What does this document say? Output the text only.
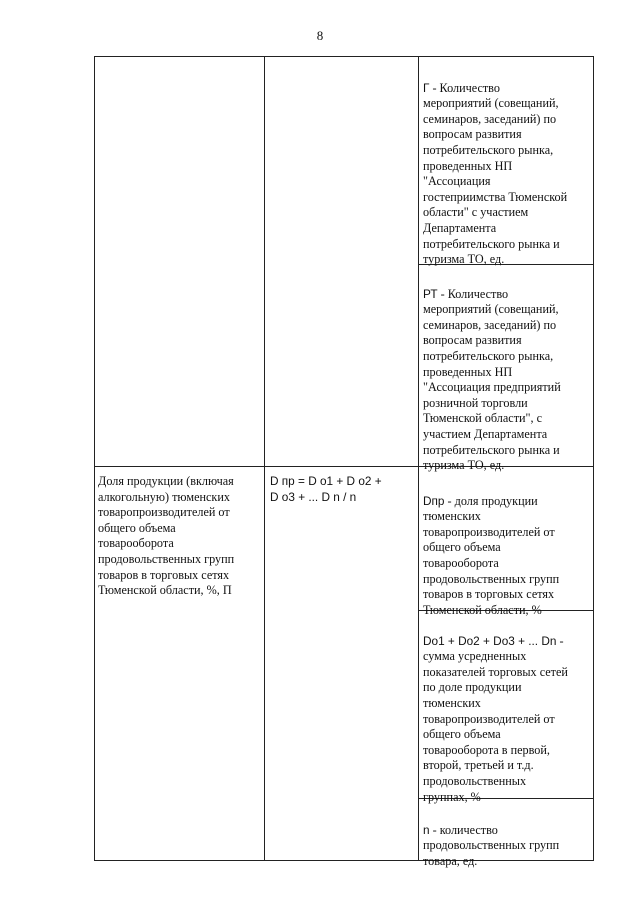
8

Г - Количество
мероприятий (совещаний,
семинаров, заседаний) по
вопросам развития
потребительского рынка,
проведенных НП
"Ассоциация
гостеприимства Тюменской
области" с участием
Департамента
потребительского рынка и
туризма ТО, ед.

РТ - Количество
мероприятий (совещаний,
семинаров, заседаний) по
вопросам развития
потребительского рынка,
проведенных НП
"Ассоциация предприятий
розничной торговли
Тюменской области", с
участием Департамента
потребительского рынка и
туризма ТО, ед.

Доля продукции (включая
алкогольную) тюменских
товаропроизводителей от
общего объема
товарооборота
продовольственных групп
товаров в торговых сетях
Тюменской области, %, П
D пр = D о1 + D о2 +
D о3 + ... D n / n	Dпр - доля продукции
тюменских
товаропроизводителей от
общего объема
товарооборота
продовольственных групп
товаров в торговых сетях
Тюменской области, %

Do1 + Do2 + Do3 + ... Dn -
сумма усредненных
показателей торговых сетей
по доле продукции
тюменских
товаропроизводителей от
общего объема
товарооборота в первой,
второй, третьей и т.д.
продовольственных
группах, %

n - количество
продовольственных групп
товара, ед.
